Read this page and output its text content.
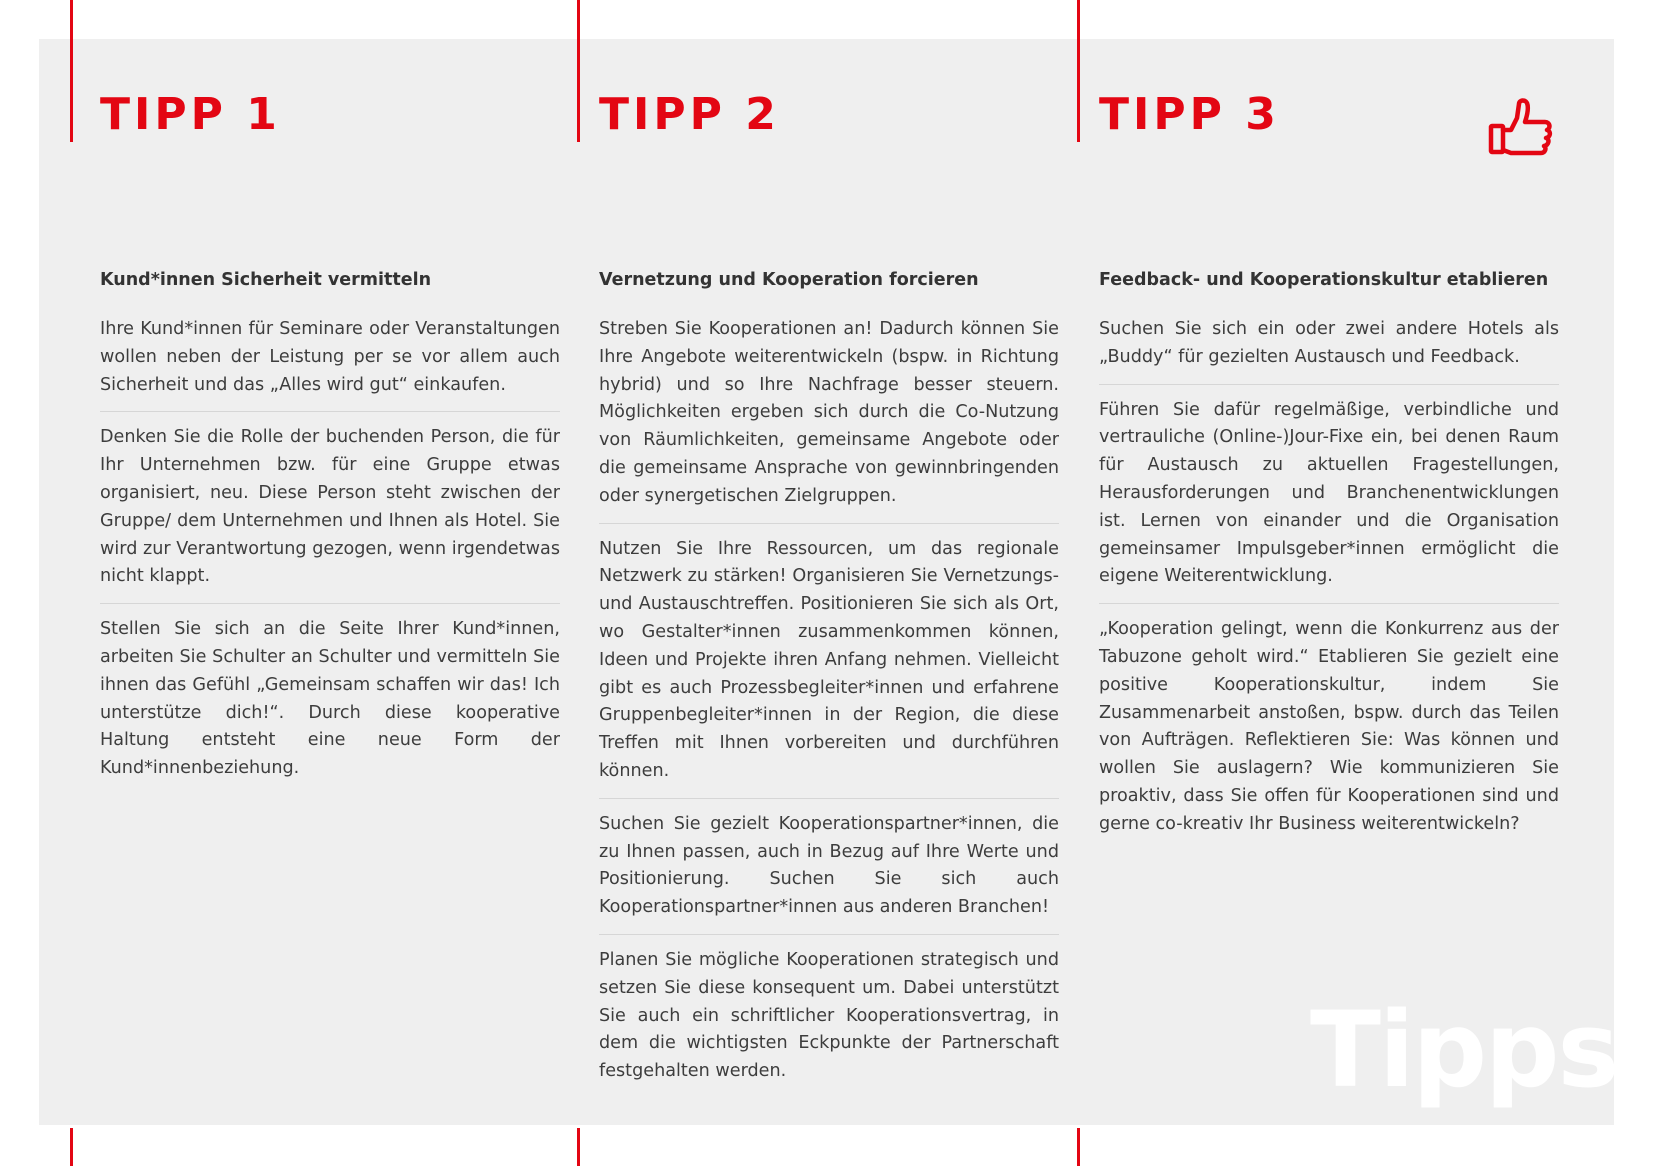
TIPP 1	TIPP 2	TIPP 3

Kund*innen Sicherheit vermitteln

Ihre Kund*innen für Seminare oder Veranstaltungen wollen neben der Leistung per se vor allem auch Sicherheit und das „Alles wird gut“ einkaufen.

Denken Sie die Rolle der buchenden Person, die für Ihr Unternehmen bzw. für eine Gruppe etwas organisiert, neu. Diese Person steht zwischen der Gruppe/ dem Unternehmen und Ihnen als Hotel. Sie wird zur Verantwortung gezogen, wenn irgendetwas nicht klappt.

Stellen Sie sich an die Seite Ihrer Kund*innen, arbeiten Sie Schulter an Schulter und vermitteln Sie ihnen das Gefühl „Gemeinsam schaffen wir das! Ich unterstütze dich!“. Durch diese kooperative Haltung entsteht eine neue Form der Kund*innenbeziehung.

Vernetzung und Kooperation forcieren

Streben Sie Kooperationen an! Dadurch können Sie Ihre Angebote weiterentwickeln (bspw. in Richtung hybrid) und so Ihre Nachfrage besser steuern. Möglichkeiten ergeben sich durch die Co-Nutzung von Räumlichkeiten, gemeinsame Angebote oder die gemeinsame Ansprache von gewinnbringenden oder synergetischen Zielgruppen.

Nutzen Sie Ihre Ressourcen, um das regionale Netzwerk zu stärken! Organisieren Sie Vernetzungs- und Austauschtreffen. Positionieren Sie sich als Ort, wo Gestalter*innen zusammenkommen können, Ideen und Projekte ihren Anfang nehmen. Vielleicht gibt es auch Prozessbegleiter*innen und erfahrene Gruppenbegleiter*innen in der Region, die diese Treffen mit Ihnen vorbereiten und durchführen können.

Suchen Sie gezielt Kooperationspartner*innen, die zu Ihnen passen, auch in Bezug auf Ihre Werte und Positionierung. Suchen Sie sich auch Kooperationspartner*innen aus anderen Branchen!

Planen Sie mögliche Kooperationen strategisch und setzen Sie diese konsequent um. Dabei unterstützt Sie auch ein schriftlicher Kooperationsvertrag, in dem die wichtigsten Eckpunkte der Partnerschaft festgehalten werden.

Feedback- und Kooperationskultur etablieren

Suchen Sie sich ein oder zwei andere Hotels als „Buddy“ für gezielten Austausch und Feedback.

Führen Sie dafür regelmäßige, verbindliche und vertrauliche (Online-)Jour-Fixe ein, bei denen Raum für Austausch zu aktuellen Fragestellungen, Herausforderungen und Branchenentwicklungen ist. Lernen von einander und die Organisation gemeinsamer Impulsgeber*innen ermöglicht die eigene Weiterentwicklung.

„Kooperation gelingt, wenn die Konkurrenz aus der Tabuzone geholt wird.“ Etablieren Sie gezielt eine positive Kooperationskultur, indem Sie Zusammenarbeit anstoßen, bspw. durch das Teilen von Aufträgen. Reflektieren Sie: Was können und wollen Sie auslagern? Wie kommunizieren Sie proaktiv, dass Sie offen für Kooperationen sind und gerne co-kreativ Ihr Business weiterentwickeln?

Tipps
